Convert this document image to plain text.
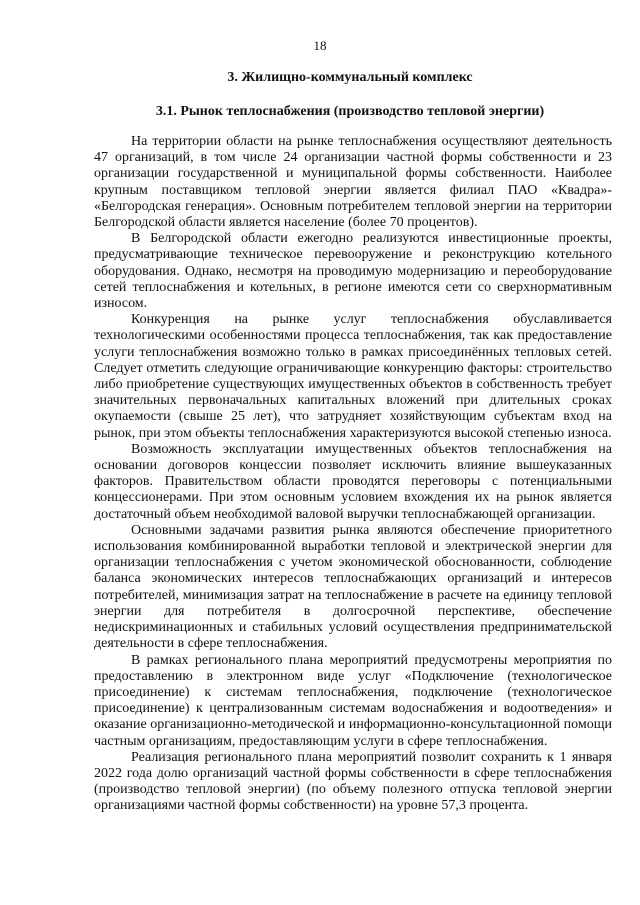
18
3. Жилищно-коммунальный комплекс
3.1. Рынок теплоснабжения (производство тепловой энергии)

На территории области на рынке теплоснабжения осуществляют деятельность 47 организаций, в том числе 24 организации частной формы собственности и 23 организации государственной и муниципальной формы собственности. Наиболее крупным поставщиком тепловой энергии является филиал ПАО «Квадра»- «Белгородская генерация». Основным потребителем тепловой энергии на территории Белгородской области является население (более 70 процентов).

В Белгородской области ежегодно реализуются инвестиционные проекты, предусматривающие техническое перевооружение и реконструкцию котельного оборудования. Однако, несмотря на проводимую модернизацию и переоборудование сетей теплоснабжения и котельных, в регионе имеются сети со сверхнормативным износом.

Конкуренция на рынке услуг теплоснабжения обуславливается технологическими особенностями процесса теплоснабжения, так как предоставление услуги теплоснабжения возможно только в рамках присоединённых тепловых сетей. Следует отметить следующие ограничивающие конкуренцию факторы: строительство либо приобретение существующих имущественных объектов в собственность требует значительных первоначальных капитальных вложений при длительных сроках окупаемости (свыше 25 лет), что затрудняет хозяйствующим субъектам вход на рынок, при этом объекты теплоснабжения характеризуются высокой степенью износа.

Возможность эксплуатации имущественных объектов теплоснабжения на основании договоров концессии позволяет исключить влияние вышеуказанных факторов. Правительством области проводятся переговоры с потенциальными концессионерами. При этом основным условием вхождения их на рынок является достаточный объем необходимой валовой выручки теплоснабжающей организации.

Основными задачами развития рынка являются обеспечение приоритетного использования комбинированной выработки тепловой и электрической энергии для организации теплоснабжения с учетом экономической обоснованности, соблюдение баланса экономических интересов теплоснабжающих организаций и интересов потребителей, минимизация затрат на теплоснабжение в расчете на единицу тепловой энергии для потребителя в долгосрочной перспективе, обеспечение недискриминационных и стабильных условий осуществления предпринимательской деятельности в сфере теплоснабжения.

В рамках регионального плана мероприятий предусмотрены мероприятия по предоставлению в электронном виде услуг «Подключение (технологическое присоединение) к системам теплоснабжения, подключение (технологическое присоединение) к централизованным системам водоснабжения и водоотведения» и оказание организационно-методической и информационно-консультационной помощи частным организациям, предоставляющим услуги в сфере теплоснабжения.

Реализация регионального плана мероприятий позволит сохранить к 1 января 2022 года долю организаций частной формы собственности в сфере теплоснабжения (производство тепловой энергии) (по объему полезного отпуска тепловой энергии организациями частной формы собственности) на уровне 57,3 процента.
